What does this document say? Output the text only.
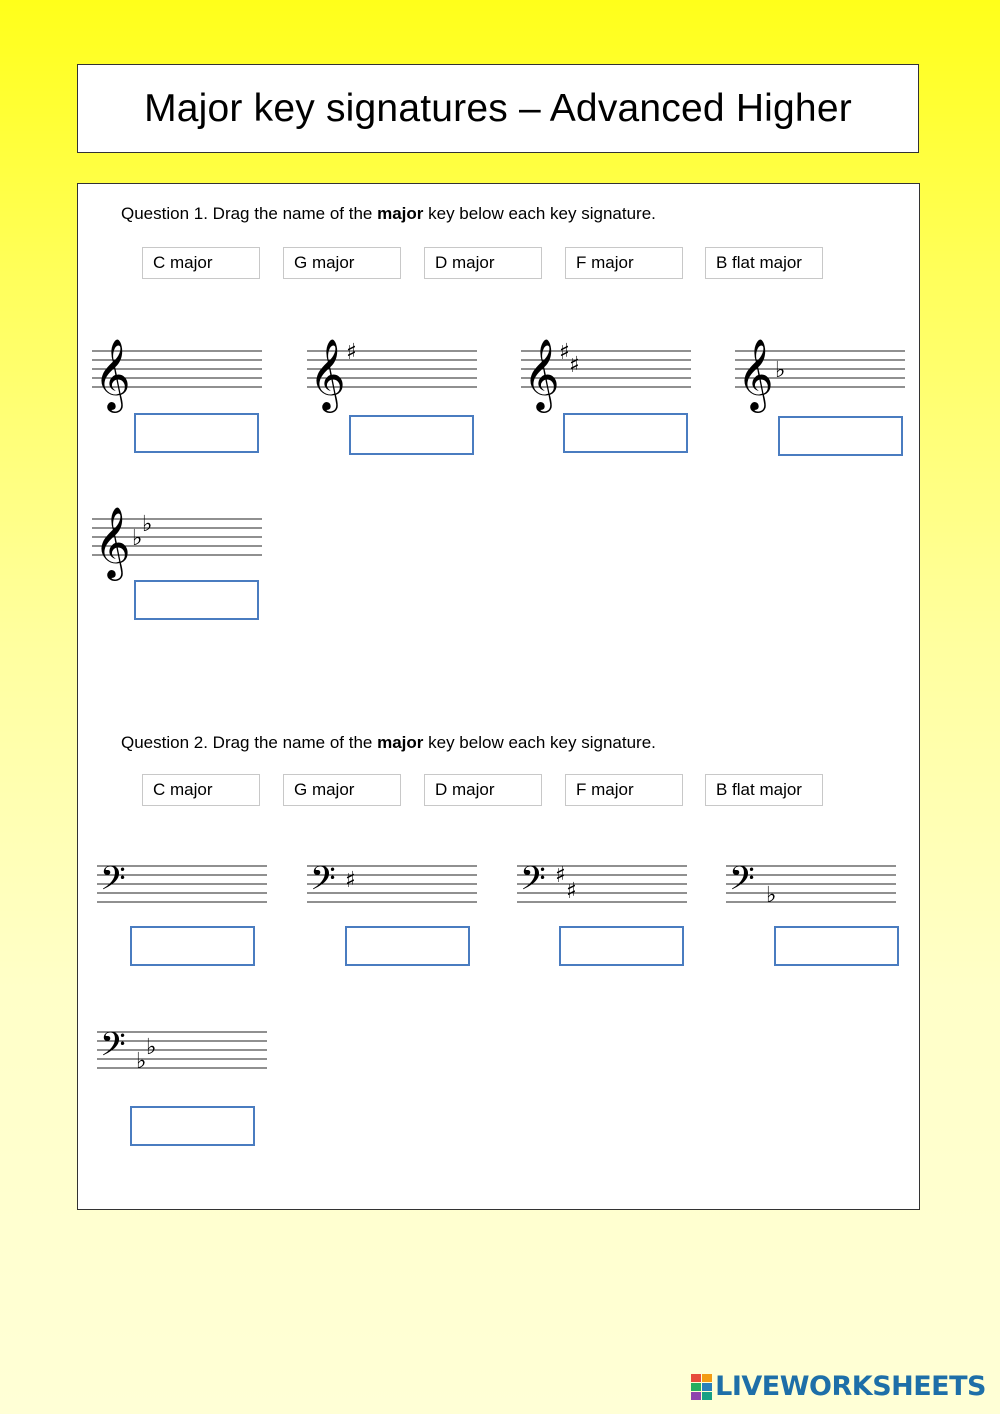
Major key signatures – Advanced Higher
Question 1. Drag the name of the major key below each key signature.
C major	G major	D major	F major	B flat major
𝄞	𝄞 ♯	𝄞 ♯
♯	𝄞 ♭
𝄞 ♭
♭
Question 2. Drag the name of the major key below each key signature.
C major	G major	D major	F major	B flat major
𝄢	𝄢 ♯	𝄢 ♯
♯	𝄢 ♭
𝄢 ♭
♭
LIVEWORKSHEETS
